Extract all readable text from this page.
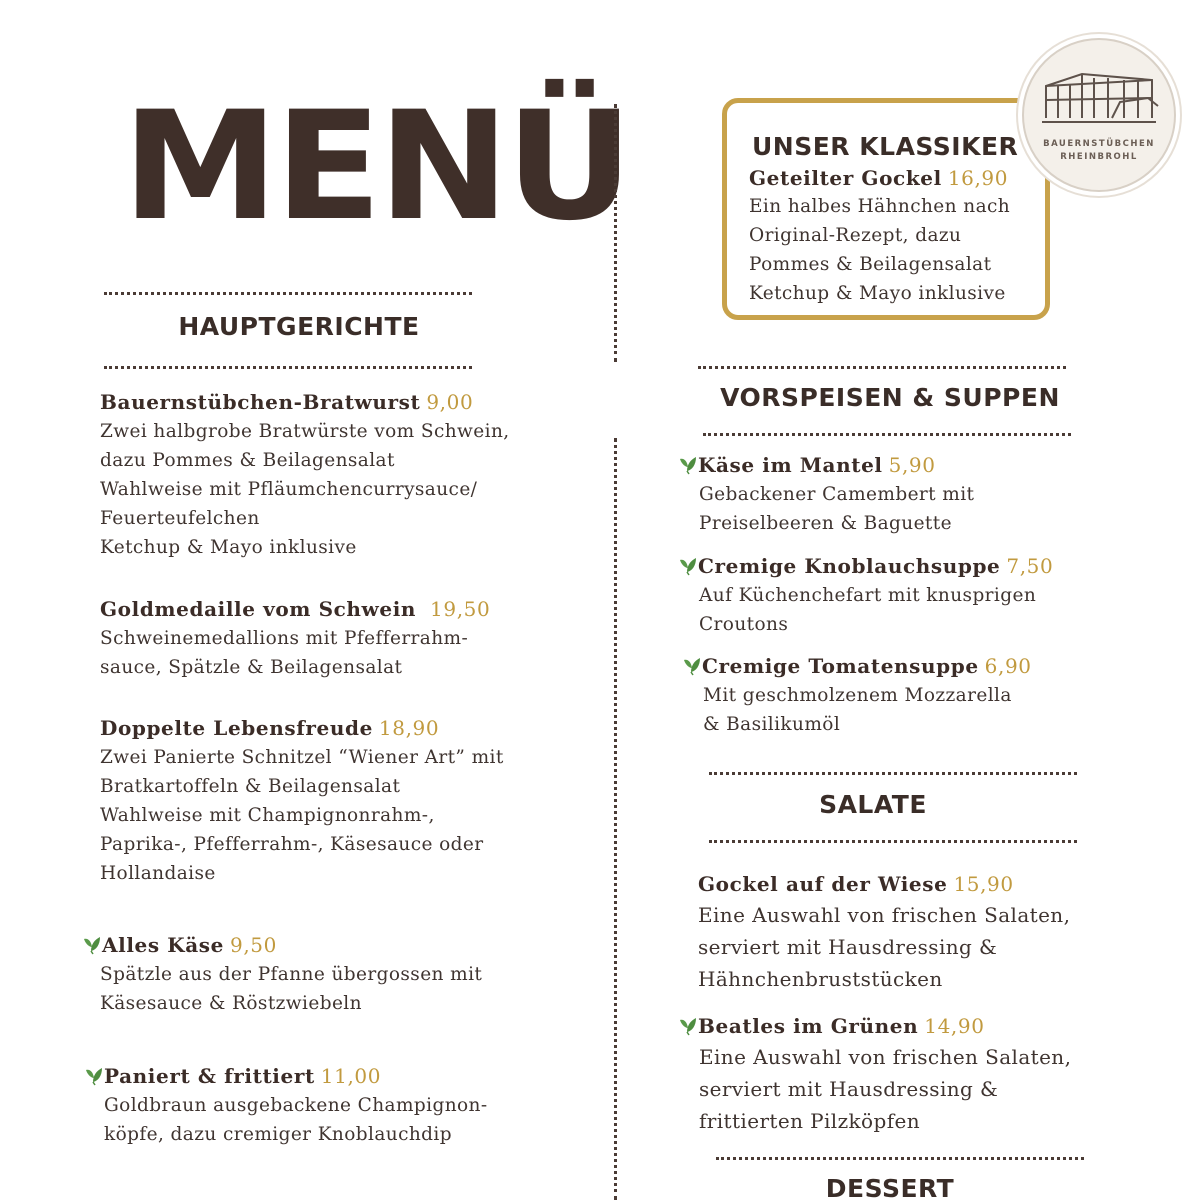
MENÜ
HAUPTGERICHTE
Bauernstübchen-Bratwurst 9,00
Zwei halbgrobe Bratwürste vom Schwein,
dazu Pommes & Beilagensalat
Wahlweise mit Pfläumchencurrysauce/
Feuerteufelchen
Ketchup & Mayo inklusive
Goldmedaille vom Schwein 19,50
Schweinemedallions mit Pfefferrahm-
sauce, Spätzle & Beilagensalat
Doppelte Lebensfreude 18,90
Zwei Panierte Schnitzel “Wiener Art” mit
Bratkartoffeln & Beilagensalat
Wahlweise mit Champignonrahm-,
Paprika-, Pfefferrahm-, Käsesauce oder
Hollandaise
Alles Käse 9,50
Spätzle aus der Pfanne übergossen mit
Käsesauce & Röstzwiebeln
Paniert & frittiert 11,00
Goldbraun ausgebackene Champignon-
köpfe, dazu cremiger Knoblauchdip
UNSER KLASSIKER
Geteilter Gockel 16,90
Ein halbes Hähnchen nach
Original-Rezept, dazu
Pommes & Beilagensalat
Ketchup & Mayo inklusive
BAUERNSTÜBCHEN
RHEINBROHL
VORSPEISEN & SUPPEN
Käse im Mantel 5,90
Gebackener Camembert mit
Preiselbeeren & Baguette
Cremige Knoblauchsuppe 7,50
Auf Küchenchefart mit knusprigen
Croutons
Cremige Tomatensuppe 6,90
Mit geschmolzenem Mozzarella
& Basilikumöl
SALATE
Gockel auf der Wiese 15,90
Eine Auswahl von frischen Salaten,
serviert mit Hausdressing &
Hähnchenbruststücken
Beatles im Grünen 14,90
Eine Auswahl von frischen Salaten,
serviert mit Hausdressing &
frittierten Pilzköpfen
DESSERT
